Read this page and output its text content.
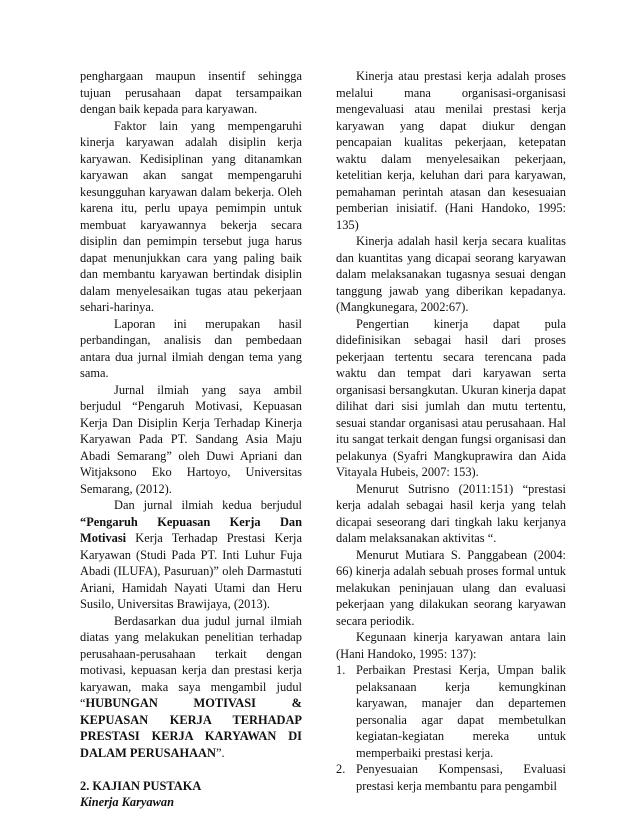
penghargaan maupun insentif sehingga tujuan perusahaan dapat tersampaikan dengan baik kepada para karyawan.

Faktor lain yang mempengaruhi kinerja karyawan adalah disiplin kerja karyawan. Kedisiplinan yang ditanamkan karyawan akan sangat mempengaruhi kesungguhan karyawan dalam bekerja. Oleh karena itu, perlu upaya pemimpin untuk membuat karyawannya bekerja secara disiplin dan pemimpin tersebut juga harus dapat menunjukkan cara yang paling baik dan membantu karyawan bertindak disiplin dalam menyelesaikan tugas atau pekerjaan sehari-harinya.

Laporan ini merupakan hasil perbandingan, analisis dan pembedaan antara dua jurnal ilmiah dengan tema yang sama.

Jurnal ilmiah yang saya ambil berjudul “Pengaruh Motivasi, Kepuasan Kerja Dan Disiplin Kerja Terhadap Kinerja Karyawan Pada PT. Sandang Asia Maju Abadi Semarang” oleh Duwi Apriani dan Witjaksono Eko Hartoyo, Universitas Semarang, (2012).

Dan jurnal ilmiah kedua berjudul “Pengaruh Kepuasan Kerja Dan Motivasi Kerja Terhadap Prestasi Kerja Karyawan (Studi Pada PT. Inti Luhur Fuja Abadi (ILUFA), Pasuruan)” oleh Darmastuti Ariani, Hamidah Nayati Utami dan Heru Susilo, Universitas Brawijaya, (2013).

Berdasarkan dua judul jurnal ilmiah diatas yang melakukan penelitian terhadap perusahaan-perusahaan terkait dengan motivasi, kepuasan kerja dan prestasi kerja karyawan, maka saya mengambil judul “HUBUNGAN MOTIVASI & KEPUASAN KERJA TERHADAP PRESTASI KERJA KARYAWAN DI DALAM PERUSAHAAN”.

2. KAJIAN PUSTAKA

Kinerja Karyawan

Kinerja atau prestasi kerja adalah proses melalui mana organisasi-organisasi mengevaluasi atau menilai prestasi kerja karyawan yang dapat diukur dengan pencapaian kualitas pekerjaan, ketepatan waktu dalam menyelesaikan pekerjaan, ketelitian kerja, keluhan dari para karyawan, pemahaman perintah atasan dan kesesuaian pemberian inisiatif. (Hani Handoko, 1995: 135)

Kinerja adalah hasil kerja secara kualitas dan kuantitas yang dicapai seorang karyawan dalam melaksanakan tugasnya sesuai dengan tanggung jawab yang diberikan kepadanya. (Mangkunegara, 2002:67).

Pengertian kinerja dapat pula didefinisikan sebagai hasil dari proses pekerjaan tertentu secara terencana pada waktu dan tempat dari karyawan serta organisasi bersangkutan. Ukuran kinerja dapat dilihat dari sisi jumlah dan mutu tertentu, sesuai standar organisasi atau perusahaan. Hal itu sangat terkait dengan fungsi organisasi dan pelakunya (Syafri Mangkuprawira dan Aida Vitayala Hubeis, 2007: 153).

Menurut Sutrisno (2011:151) “prestasi kerja adalah sebagai hasil kerja yang telah dicapai seseorang dari tingkah laku kerjanya dalam melaksanakan aktivitas “.

Menurut Mutiara S. Panggabean (2004: 66) kinerja adalah sebuah proses formal untuk melakukan peninjauan ulang dan evaluasi pekerjaan yang dilakukan seorang karyawan secara periodik.

Kegunaan kinerja karyawan antara lain (Hani Handoko, 1995: 137):

1. Perbaikan Prestasi Kerja, Umpan balik pelaksanaan kerja kemungkinan karyawan, manajer dan departemen personalia agar dapat membetulkan kegiatan-kegiatan mereka untuk memperbaiki prestasi kerja.
2. Penyesuaian Kompensasi, Evaluasi prestasi kerja membantu para pengambil
